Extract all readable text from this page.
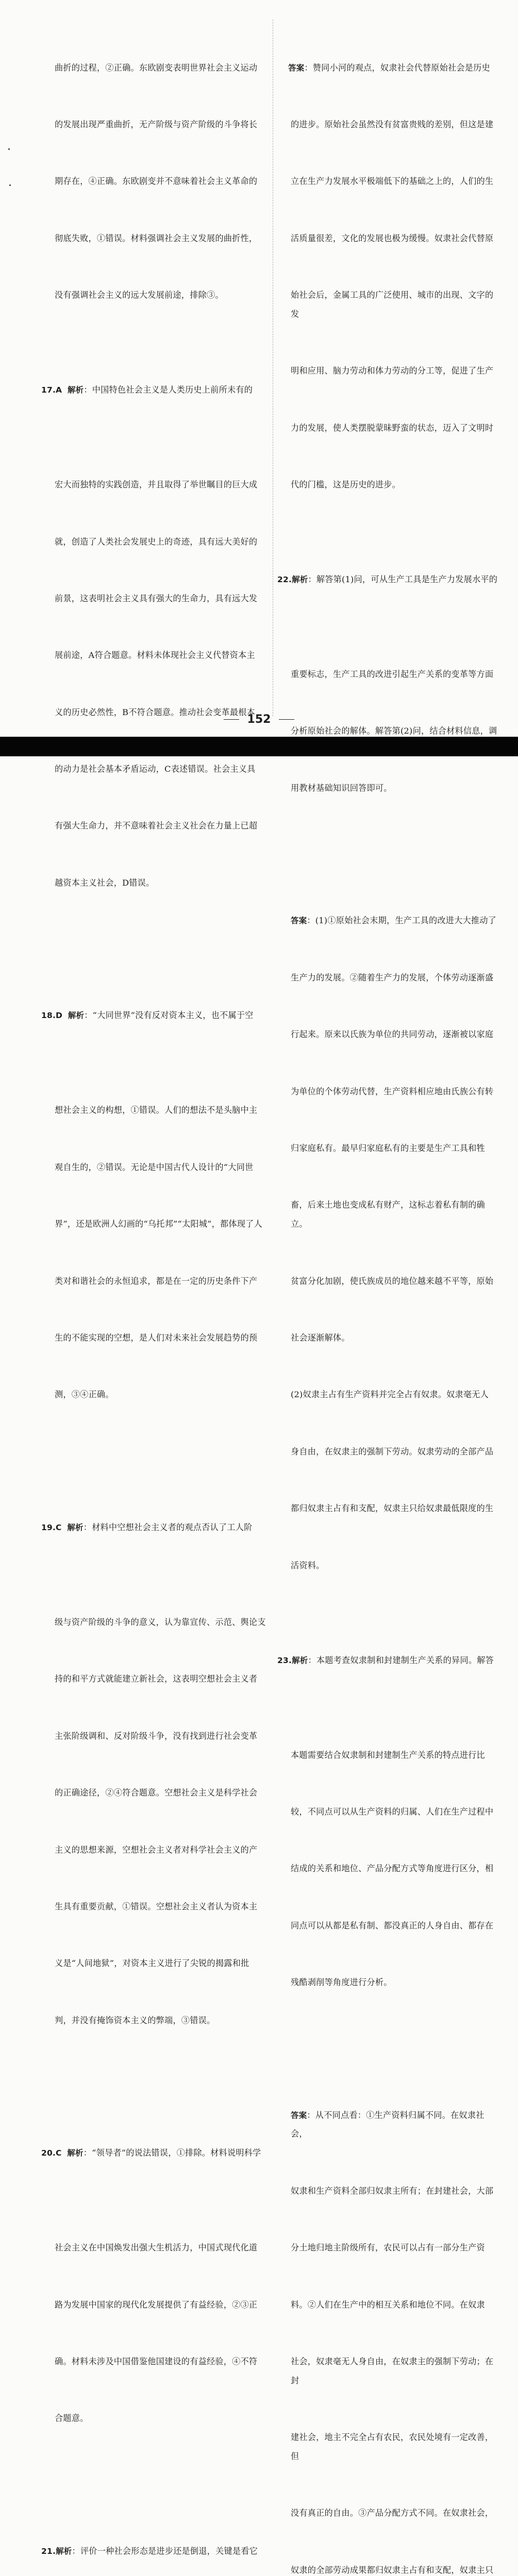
曲折的过程，②正确。东欧剧变表明世界社会主义运动

的发展出现严重曲折，无产阶级与资产阶级的斗争将长

期存在，④正确。东欧剧变并不意味着社会主义革命的

彻底失败，①错误。材料强调社会主义发展的曲折性，

没有强调社会主义的远大发展前途，排除③。

17.A 解析：中国特色社会主义是人类历史上前所未有的

宏大而独特的实践创造，并且取得了举世瞩目的巨大成

就，创造了人类社会发展史上的奇迹，具有远大美好的

前景，这表明社会主义具有强大的生命力，具有远大发

展前途，A符合题意。材料未体现社会主义代替资本主

义的历史必然性，B不符合题意。推动社会变革最根本

的动力是社会基本矛盾运动，C表述错误。社会主义具

有强大生命力，并不意味着社会主义社会在力量上已超

越资本主义社会，D错误。

18.D 解析：“大同世界”没有反对资本主义，也不属于空

想社会主义的构想，①错误。人们的想法不是头脑中主

观自生的，②错误。无论是中国古代人设计的“大同世

界”，还是欧洲人幻画的“乌托邦”“太阳城”，都体现了人

类对和谐社会的永恒追求，都是在一定的历史条件下产

生的不能实现的空想，是人们对未来社会发展趋势的预

测，③④正确。

19.C 解析：材料中空想社会主义者的观点否认了工人阶

级与资产阶级的斗争的意义，认为靠宣传、示范、舆论支

持的和平方式就能建立新社会，这表明空想社会主义者

主张阶级调和、反对阶级斗争，没有找到进行社会变革

的正确途径，②④符合题意。空想社会主义是科学社会

主义的思想来源，空想社会主义者对科学社会主义的产

生具有重要贡献，①错误。空想社会主义者认为资本主

义是“人间地狱”，对资本主义进行了尖锐的揭露和批

判，并没有掩饰资本主义的弊端，③错误。

20.C 解析：“领导者”的说法错误，①排除。材料说明科学

社会主义在中国焕发出强大生机活力，中国式现代化道

路为发展中国家的现代化发展提供了有益经验，②③正

确。材料未涉及中国借鉴他国建设的有益经验，④不符

合题意。

21.解析：评价一种社会形态是进步还是倒退，关键是看它

答案：赞同小河的观点，奴隶社会代替原始社会是历史

的进步。原始社会虽然没有贫富贵贱的差别，但这是建

立在生产力发展水平极端低下的基础之上的，人们的生

活质量很差，文化的发展也极为缓慢。奴隶社会代替原

始社会后，金属工具的广泛使用、城市的出现、文字的发

明和应用、脑力劳动和体力劳动的分工等，促进了生产

力的发展，使人类摆脱蒙昧野蛮的状态，迈入了文明时

代的门槛，这是历史的进步。

22.解析：解答第(1)问，可从生产工具是生产力发展水平的

重要标志，生产工具的改进引起生产关系的变革等方面

分析原始社会的解体。解答第(2)问，结合材料信息，调

用教材基础知识回答即可。

答案：(1)①原始社会末期，生产工具的改进大大推动了

生产力的发展。②随着生产力的发展，个体劳动逐渐盛

行起来。原来以氏族为单位的共同劳动，逐渐被以家庭

为单位的个体劳动代替，生产资料相应地由氏族公有转

归家庭私有。最早归家庭私有的主要是生产工具和牲

畜，后来土地也变成私有财产，这标志着私有制的确立。

贫富分化加剧，使氏族成员的地位越来越不平等，原始

社会逐渐解体。

(2)奴隶主占有生产资料并完全占有奴隶。奴隶毫无人

身自由，在奴隶主的强制下劳动。奴隶劳动的全部产品

都归奴隶主占有和支配，奴隶主只给奴隶最低限度的生

活资料。

23.解析：本题考查奴隶制和封建制生产关系的异同。解答

本题需要结合奴隶制和封建制生产关系的特点进行比

较，不同点可以从生产资料的归属、人们在生产过程中

结成的关系和地位、产品分配方式等角度进行区分，相

同点可以从都是私有制、都没真正的人身自由、都存在

残酷剥削等角度进行分析。

答案：从不同点看：①生产资料归属不同。在奴隶社会，

奴隶和生产资料全部归奴隶主所有；在封建社会，大部

分土地归地主阶级所有，农民可以占有一部分生产资

料。②人们在生产中的相互关系和地位不同。在奴隶

社会，奴隶毫无人身自由，在奴隶主的强制下劳动；在封

建社会，地主不完全占有农民，农民处境有一定改善，但

没有真正的自由。③产品分配方式不同。在奴隶社会，

奴隶的全部劳动成果都归奴隶主占有和支配，奴隶主只

152
